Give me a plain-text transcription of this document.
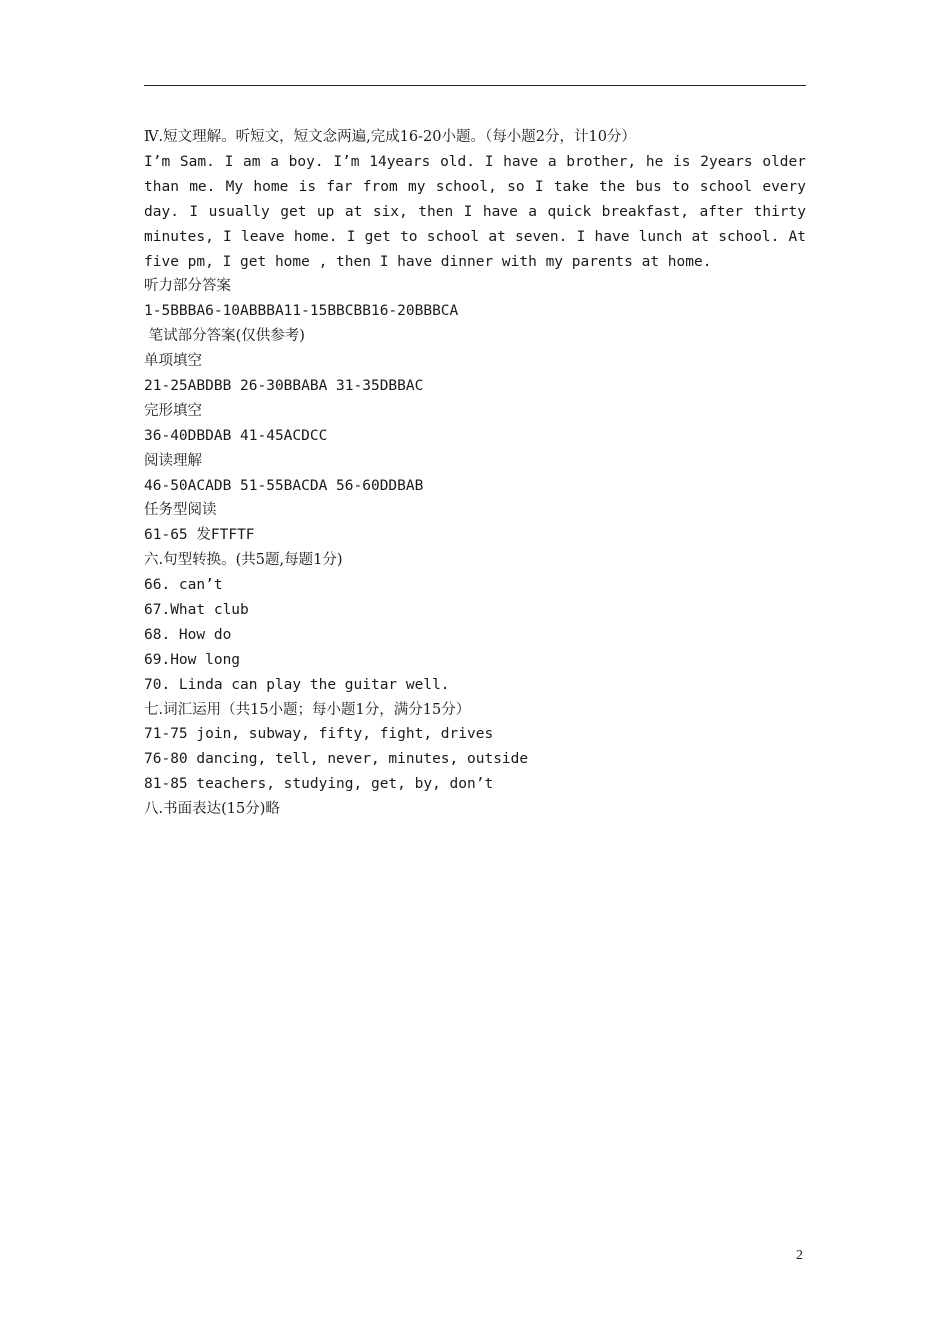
Ⅳ.短文理解。听短文，短文念两遍,完成16-20小题。（每小题2分，计10分）
I’m Sam. I am a boy. I’m 14years old. I have a brother, he is 2years older than me. My home is far from my school, so I take the bus to school every day. I usually get up at six, then I have a quick breakfast, after thirty minutes, I leave home. I get to school at seven. I have lunch at school. At five pm, I get home , then I have dinner with my parents at home.
听力部分答案
1-5BBBA6-10ABBBA11-15BBCBB16-20BBBCA
笔试部分答案(仅供参考)
单项填空
21-25ABDBB 26-30BBABA 31-35DBBAC
完形填空
36-40DBDAB 41-45ACDCC
阅读理解
46-50ACADB 51-55BACDA 56-60DDBAB
任务型阅读
61-65 发FTFTF
六.句型转换。(共5题,每题1分)
66. can’t
67.What club
68. How do
69.How long
70. Linda can play the guitar well.
七.词汇运用（共15小题；每小题1分，满分15分）
71-75 join, subway, fifty, fight, drives
76-80 dancing, tell, never, minutes, outside
81-85 teachers, studying, get, by, don’t
八.书面表达(15分)略
2
